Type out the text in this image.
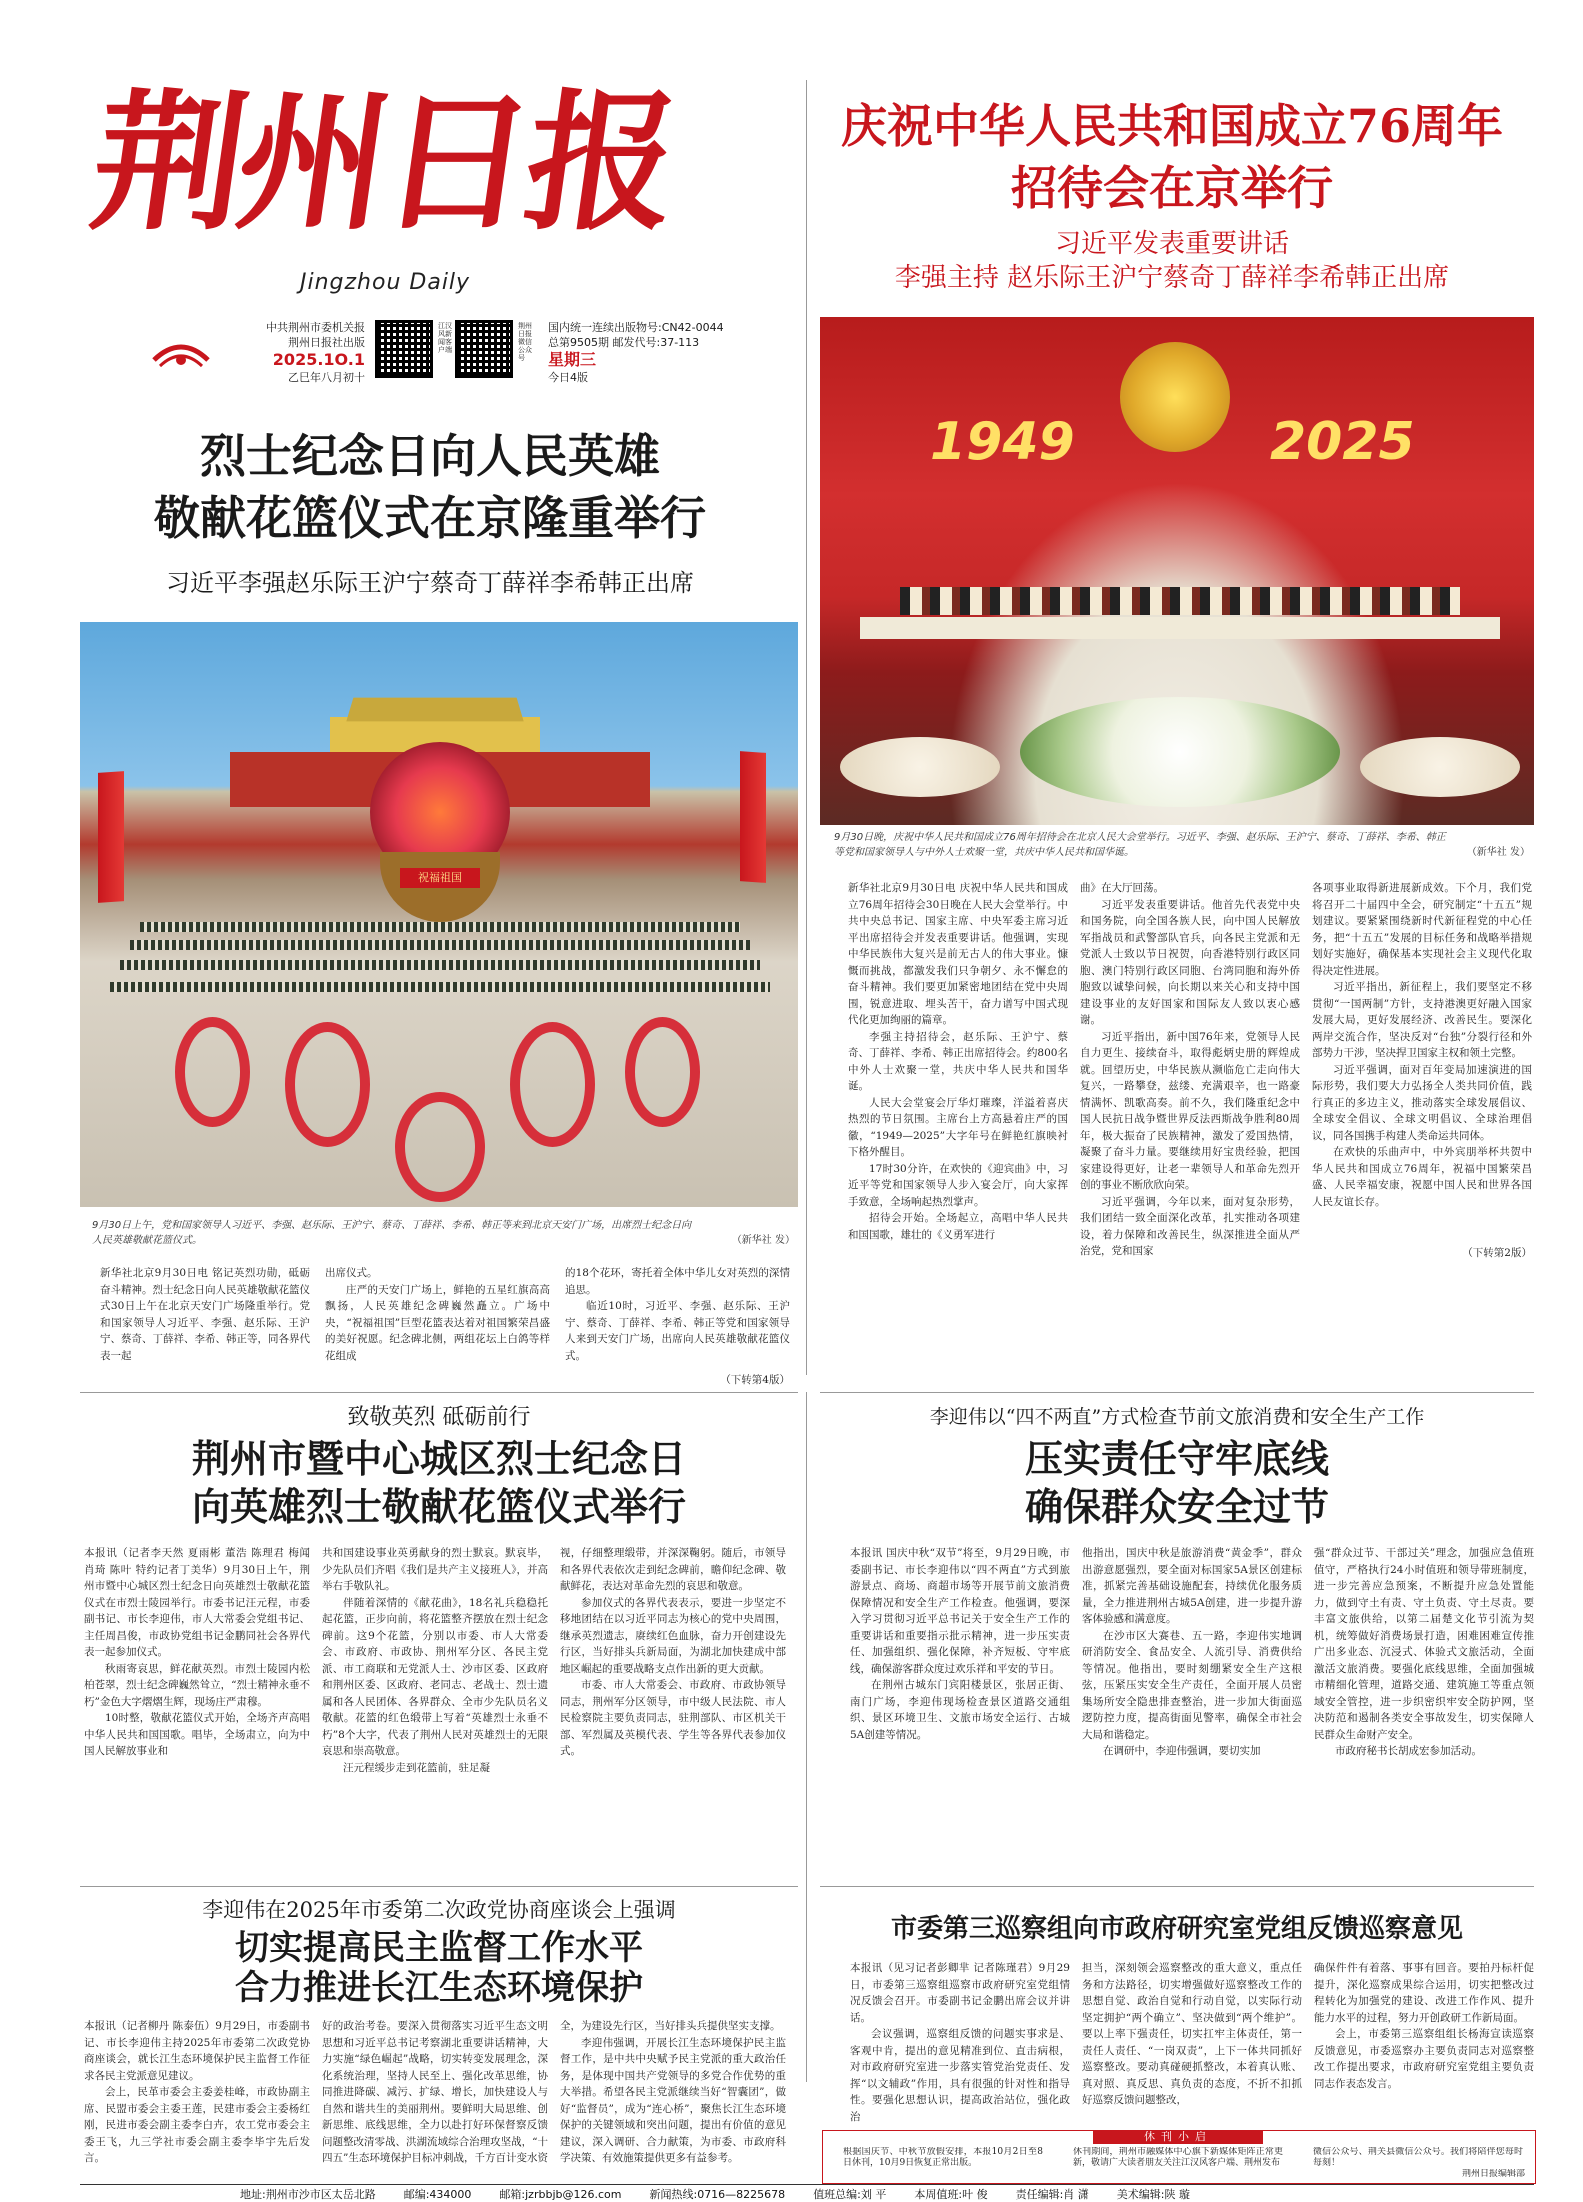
荆州日报
Jingzhou Daily
中共荆州市委机关报
荆州日报社出版
2025.1O.1
乙巳年八月初十
江汉风新闻客户端
荆州日报微信公众号
国内统一连续出版物号:CN42-0044
总第9505期 邮发代号:37-113
星期三
今日4版
烈士纪念日向人民英雄
敬献花篮仪式在京隆重举行
习近平李强赵乐际王沪宁蔡奇丁薛祥李希韩正出席
祝福祖国
9月30日上午，党和国家领导人习近平、李强、赵乐际、王沪宁、蔡奇、丁薛祥、李希、韩正等来到北京天安门广场，出席烈士纪念日向人民英雄敬献花篮仪式。	（新华社 发）
新华社北京9月30日电 铭记英烈功勋，砥砺奋斗精神。烈士纪念日向人民英雄敬献花篮仪式30日上午在北京天安门广场隆重举行。党和国家领导人习近平、李强、赵乐际、王沪宁、蔡奇、丁薛祥、李希、韩正等，同各界代表一起
出席仪式。
庄严的天安门广场上，鲜艳的五星红旗高高飘扬，人民英雄纪念碑巍然矗立。广场中央，“祝福祖国”巨型花篮表达着对祖国繁荣昌盛的美好祝愿。纪念碑北侧，两组花坛上白鸽等样花组成
的18个花环，寄托着全体中华儿女对英烈的深情追思。
临近10时，习近平、李强、赵乐际、王沪宁、蔡奇、丁薛祥、李希、韩正等党和国家领导人来到天安门广场，出席向人民英雄敬献花篮仪式。
（下转第4版）
庆祝中华人民共和国成立76周年
招待会在京举行
习近平发表重要讲话
李强主持 赵乐际王沪宁蔡奇丁薛祥李希韩正出席
1949	2025
9月30日晚，庆祝中华人民共和国成立76周年招待会在北京人民大会堂举行。习近平、李强、赵乐际、王沪宁、蔡奇、丁薛祥、李希、韩正等党和国家领导人与中外人士欢聚一堂，共庆中华人民共和国华诞。	（新华社 发）
新华社北京9月30日电 庆祝中华人民共和国成立76周年招待会30日晚在人民大会堂举行。中共中央总书记、国家主席、中央军委主席习近平出席招待会并发表重要讲话。他强调，实现中华民族伟大复兴是前无古人的伟大事业。慷慨而挑战，都激发我们只争朝夕、永不懈怠的奋斗精神。我们要更加紧密地团结在党中央周围，锐意进取、埋头苦干，奋力谱写中国式现代化更加绚丽的篇章。
李强主持招待会，赵乐际、王沪宁、蔡奇、丁薛祥、李希、韩正出席招待会。约800名中外人士欢聚一堂，共庆中华人民共和国华诞。
人民大会堂宴会厅华灯璀璨，洋溢着喜庆热烈的节日氛围。主席台上方高悬着庄严的国徽，“1949—2025”大字年号在鲜艳红旗映衬下格外醒目。
17时30分许，在欢快的《迎宾曲》中，习近平等党和国家领导人步入宴会厅，向大家挥手致意，全场响起热烈掌声。
招待会开始。全场起立，高唱中华人民共和国国歌，雄壮的《义勇军进行
曲》在大厅回荡。
习近平发表重要讲话。他首先代表党中央和国务院，向全国各族人民，向中国人民解放军指战员和武警部队官兵，向各民主党派和无党派人士致以节日祝贺，向香港特别行政区同胞、澳门特别行政区同胞、台湾同胞和海外侨胞致以诚挚问候，向长期以来关心和支持中国建设事业的友好国家和国际友人致以衷心感谢。
习近平指出，新中国76年来，党领导人民自力更生、接续奋斗，取得彪炳史册的辉煌成就。回望历史，中华民族从濒临危亡走向伟大复兴，一路攀登，兹缕、充满艰辛，也一路豪情满怀、凯歌高奏。前不久，我们隆重纪念中国人民抗日战争暨世界反法西斯战争胜利80周年，极大振奋了民族精神，激发了爱国热情，凝聚了奋斗力量。要继续用好宝贵经验，把国家建设得更好，让老一辈领导人和革命先烈开创的事业不断欣欣向荣。
习近平强调，今年以来，面对复杂形势，我们团结一致全面深化改革，扎实推动各项建设，着力保障和改善民生，纵深推进全面从严治党，党和国家
各项事业取得新进展新成效。下个月，我们党将召开二十届四中全会，研究制定“十五五”规划建议。要紧紧围绕新时代新征程党的中心任务，把“十五五”发展的目标任务和战略举措规划好实施好，确保基本实现社会主义现代化取得决定性进展。
习近平指出，新征程上，我们要坚定不移贯彻“一国两制”方针，支持港澳更好融入国家发展大局，更好发展经济、改善民生。要深化两岸交流合作，坚决反对“台独”分裂行径和外部势力干涉，坚决捍卫国家主权和领土完整。
习近平强调，面对百年变局加速演进的国际形势，我们要大力弘扬全人类共同价值，践行真正的多边主义，推动落实全球发展倡议、全球安全倡议、全球文明倡议、全球治理倡议，同各国携手构建人类命运共同体。
在欢快的乐曲声中，中外宾朋举杯共贺中华人民共和国成立76周年，祝福中国繁荣昌盛、人民幸福安康，祝愿中国人民和世界各国人民友谊长存。
（下转第2版）
致敬英烈 砥砺前行
荆州市暨中心城区烈士纪念日
向英雄烈士敬献花篮仪式举行
本报讯（记者李天然 夏雨彬 董浩 陈理君 梅闻 肖琦 陈叶 特约记者丁美华）9月30日上午，荆州市暨中心城区烈士纪念日向英雄烈士敬献花篮仪式在市烈士陵园举行。市委书记汪元程，市委副书记、市长李迎伟，市人大常委会党组书记、主任周昌俊，市政协党组书记金鹏同社会各界代表一起参加仪式。
秋雨寄哀思，鲜花献英烈。市烈士陵园内松柏苍翠，烈士纪念碑巍然耸立，“烈士精神永垂不朽”金色大字熠熠生辉，现场庄严肃穆。
10时整，敬献花篮仪式开始，全场齐声高唱中华人民共和国国歌。唱毕，全场肃立，向为中国人民解放事业和
共和国建设事业英勇献身的烈士默哀。默哀毕，少先队员们齐唱《我们是共产主义接班人》，并高举右手敬队礼。
伴随着深情的《献花曲》，18名礼兵稳稳托起花篮，正步向前，将花篮整齐摆放在烈士纪念碑前。这9个花篮，分别以市委、市人大常委会、市政府、市政协、荆州军分区、各民主党派、市工商联和无党派人士、沙市区委、区政府和荆州区委、区政府、老同志、老战士、烈士遗属和各人民团体、各界群众、全市少先队员名义敬献。花篮的红色缎带上写着“英雄烈士永垂不朽”8个大字，代表了荆州人民对英雄烈士的无限哀思和崇高敬意。
汪元程缓步走到花篮前，驻足凝
视，仔细整理缎带，并深深鞠躬。随后，市领导和各界代表依次走到纪念碑前，瞻仰纪念碑、敬献鲜花，表达对革命先烈的哀思和敬意。
参加仪式的各界代表表示，要进一步坚定不移地团结在以习近平同志为核心的党中央周围，继承英烈遗志，赓续红色血脉，奋力开创建设先行区，当好排头兵新局面，为湖北加快建成中部地区崛起的重要战略支点作出新的更大贡献。
市委、市人大常委会、市政府、市政协领导同志，荆州军分区领导，市中级人民法院、市人民检察院主要负责同志，驻荆部队、市区机关干部、军烈属及英模代表、学生等各界代表参加仪式。
李迎伟以“四不两直”方式检查节前文旅消费和安全生产工作
压实责任守牢底线
确保群众安全过节
本报讯 国庆中秋“双节”将至，9月29日晚，市委副书记、市长李迎伟以“四不两直”方式到旅游景点、商场、商超市场等开展节前文旅消费保障情况和安全生产工作检查。他强调，要深入学习贯彻习近平总书记关于安全生产工作的重要讲话和重要指示批示精神，进一步压实责任、加强组织、强化保障，补齐短板、守牢底线，确保游客群众度过欢乐祥和平安的节日。
在荆州古城东门宾阳楼景区，张居正街、南门广场，李迎伟现场检查景区道路交通组织、景区环境卫生、文旅市场安全运行、古城5A创建等情况。
他指出，国庆中秋是旅游消费“黄金季”，群众出游意愿强烈，要全面对标国家5A景区创建标准，抓紧完善基础设施配套，持续优化服务质量，全力推进荆州古城5A创建，进一步提升游客体验感和满意度。
在沙市区大赛巷、五一路，李迎伟实地调研消防安全、食品安全、人流引导、消费供给等情况。他指出，要时刻绷紧安全生产这根弦，压紧压实安全生产责任，全面开展人员密集场所安全隐患排查整治，进一步加大街面巡逻防控力度，提高街面见警率，确保全市社会大局和谐稳定。
在调研中，李迎伟强调，要切实加
强“群众过节、干部过关”理念，加强应急值班值守，严格执行24小时值班和领导带班制度，进一步完善应急预案，不断提升应急处置能力，做到守土有责、守土负责、守土尽责。要丰富文旅供给，以第二届楚文化节引流为契机，统筹做好消费场景打造，困难困难宣传推广出多业态、沉浸式、体验式文旅活动，全面激活文旅消费。要强化底线思维，全面加强城市精细化管理，道路交通、建筑施工等重点领域安全管控，进一步织密织牢安全防护网，坚决防范和遏制各类安全事故发生，切实保障人民群众生命财产安全。
市政府秘书长胡成宏参加活动。
李迎伟在2025年市委第二次政党协商座谈会上强调
切实提高民主监督工作水平
合力推进长江生态环境保护
本报讯（记者柳丹 陈泰伍）9月29日，市委副书记、市长李迎伟主持2025年市委第二次政党协商座谈会，就长江生态环境保护民主监督工作征求各民主党派意见建议。
会上，民革市委会主委姜桂峰，市政协副主席、民盟市委会主委王莲，民建市委会主委杨红刚，民进市委会副主委李白卉，农工党市委会主委王飞，九三学社市委会副主委李毕宇先后发言。
好的政治考卷。要深入贯彻落实习近平生态文明思想和习近平总书记考察湖北重要讲话精神，大力实施“绿色崛起”战略，切实转变发展理念，深化系统治理，坚持人民至上、强化改革思维，协同推进降碳、减污、扩绿、增长，加快建设人与自然和谐共生的美丽荆州。要鲜明大局思维、创新思维、底线思维，全力以赴打好环保督察反馈问题整改清零战、洪湖流域综合治理攻坚战，“十四五”生态环境保护目标冲刺战，千方百计变水资
全，为建设先行区，当好排头兵提供坚实支撑。
李迎伟强调，开展长江生态环境保护民主监督工作，是中共中央赋予民主党派的重大政治任务，是体现中国共产党领导的多党合作优势的重大举措。希望各民主党派继续当好“智囊团”，做好“监督员”，成为“连心桥”，聚焦长江生态环境保护的关键领域和突出问题，提出有价值的意见建议，深入调研、合力献策，为市委、市政府科学决策、有效施策提供更多有益参考。
市委第三巡察组向市政府研究室党组反馈巡察意见
本报讯（见习记者彭卿芈 记者陈瑾君）9月29日，市委第三巡察组巡察市政府研究室党组情况反馈会召开。市委副书记金鹏出席会议并讲话。
会议强调，巡察组反馈的问题实事求是、客观中肯，提出的意见精准到位、直击病根，对市政府研究室进一步落实管党治党责任、发挥“以文辅政”作用，具有很强的针对性和指导性。要强化思想认识，提高政治站位，强化政治
担当，深刻领会巡察整改的重大意义，重点任务和方法路径，切实增强做好巡察整改工作的思想自觉、政治自觉和行动自觉，以实际行动坚定拥护“两个确立”、坚决做到“两个维护”。要以上率下强责任，切实扛牢主体责任，第一责任人责任、“一岗双责”，上下一体共同抓好巡察整改。要动真碰硬抓整改，本着真认账、真对照、真反思、真负责的态度，不折不扣抓好巡察反馈问题整改，
确保件件有着落、事事有回音。要拍丹标杆促提升，深化巡察成果综合运用，切实把整改过程转化为加强党的建设、改进工作作风、提升能力水平的过程，努力开创政研工作新局面。
会上，市委第三巡察组组长杨海宣读巡察反馈意见，市委巡察办主要负责同志对巡察整改工作提出要求，市政府研究室党组主要负责同志作表态发言。
休刊小启
根据国庆节、中秋节放假安排，本报10月2日至8日休刊，10月9日恢复正常出版。
休刊期间，荆州市融媒体中心旗下新媒体矩阵正常更新，敬请广大读者朋友关注江汉风客户端、荆州发布
微信公众号、荆关县微信公众号。我们将陪伴您每时每刻！
荆州日报编辑部
地址:荆州市沙市区太岳北路	邮编:434000	邮箱:jzrbbjb@126.com	新闻热线:0716—8225678	值班总编:刘 平	本周值班:叶 俊	责任编辑:肖 潇	美术编辑:陕 璇
